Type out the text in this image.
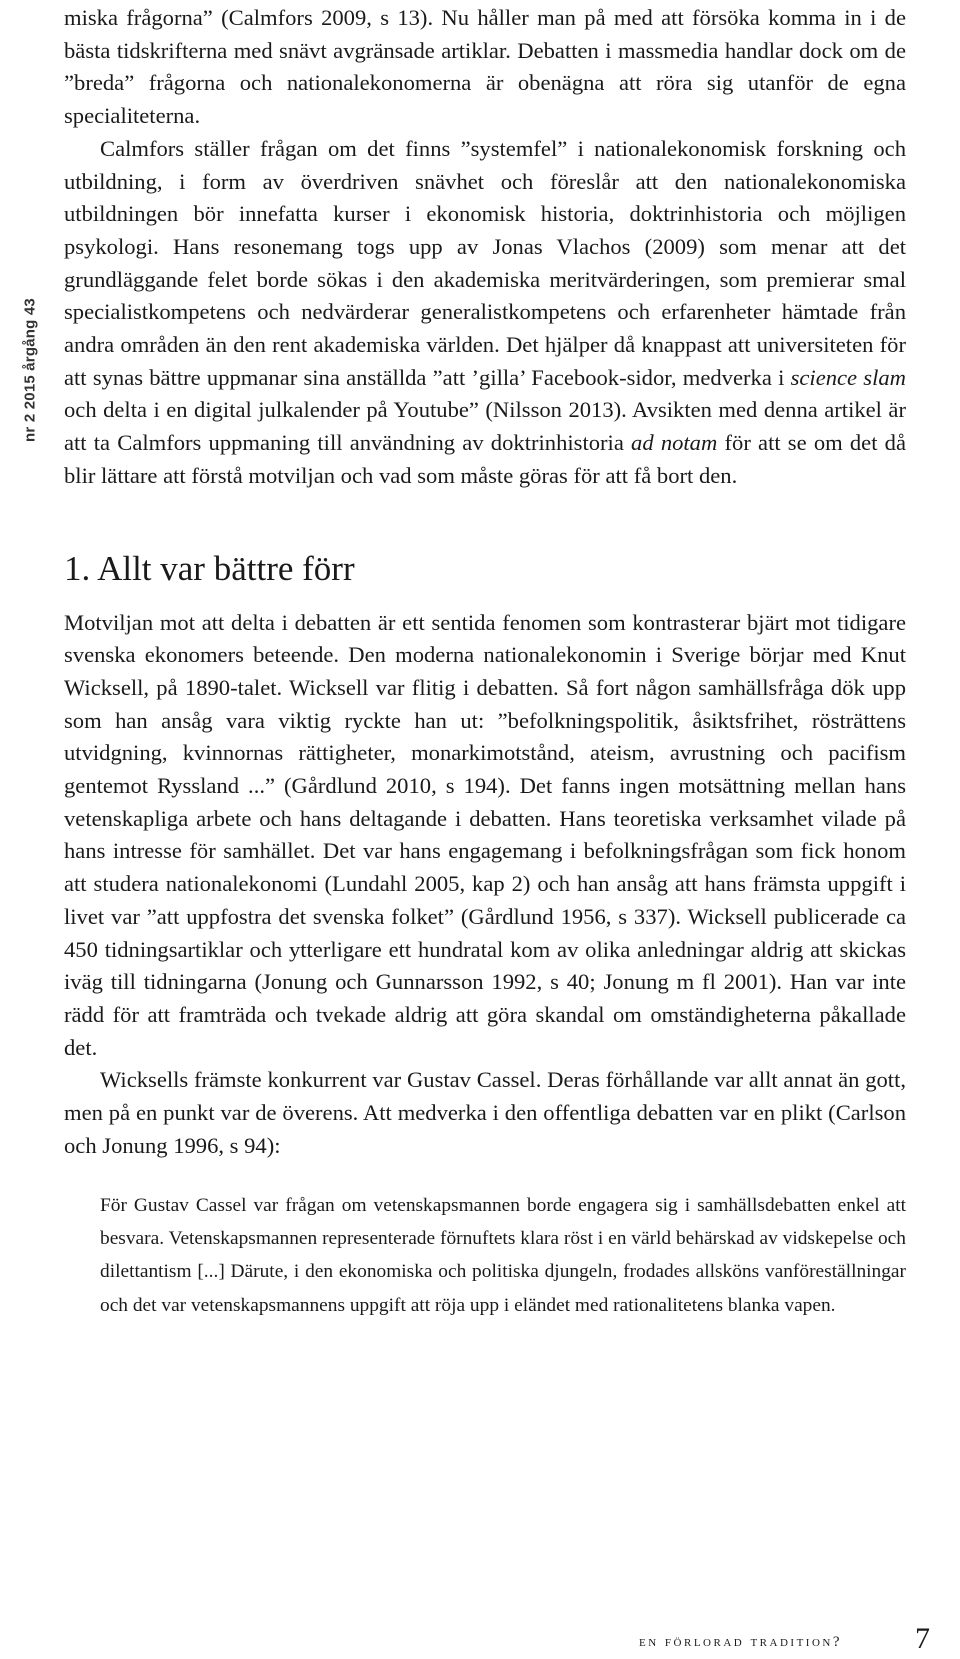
nr 2 2015 årgång 43

miska frågorna” (Calmfors 2009, s 13). Nu håller man på med att försöka komma in i de bästa tidskrifterna med snävt avgränsade artiklar. Debatten i massmedia handlar dock om de ”breda” frågorna och nationalekonomerna är obenägna att röra sig utanför de egna specialiteterna.

Calmfors ställer frågan om det finns ”systemfel” i nationalekonomisk forskning och utbildning, i form av överdriven snävhet och föreslår att den nationalekonomiska utbildningen bör innefatta kurser i ekonomisk historia, doktrinhistoria och möjligen psykologi. Hans resonemang togs upp av Jonas Vlachos (2009) som menar att det grundläggande felet borde sökas i den akademiska meritvärderingen, som premierar smal specialistkompetens och nedvärderar generalistkompetens och erfarenheter hämtade från andra områden än den rent akademiska världen. Det hjälper då knappast att universiteten för att synas bättre uppmanar sina anställda ”att ’gilla’ Facebook-sidor, medverka i science slam och delta i en digital julkalender på Youtube” (Nilsson 2013). Avsikten med denna artikel är att ta Calmfors uppmaning till användning av doktrinhistoria ad notam för att se om det då blir lättare att förstå motviljan och vad som måste göras för att få bort den.

1. Allt var bättre förr

Motviljan mot att delta i debatten är ett sentida fenomen som kontrasterar bjärt mot tidigare svenska ekonomers beteende. Den moderna nationalekonomin i Sverige börjar med Knut Wicksell, på 1890-talet. Wicksell var flitig i debatten. Så fort någon samhällsfråga dök upp som han ansåg vara viktig ryckte han ut: ”befolkningspolitik, åsiktsfrihet, rösträttens utvidgning, kvinnornas rättigheter, monarkimotstånd, ateism, avrustning och pacifism gentemot Ryssland ...” (Gårdlund 2010, s 194). Det fanns ingen motsättning mellan hans vetenskapliga arbete och hans deltagande i debatten. Hans teoretiska verksamhet vilade på hans intresse för samhället. Det var hans engagemang i befolkningsfrågan som fick honom att studera nationalekonomi (Lundahl 2005, kap 2) och han ansåg att hans främsta uppgift i livet var ”att uppfostra det svenska folket” (Gårdlund 1956, s 337). Wicksell publicerade ca 450 tidningsartiklar och ytterligare ett hundratal kom av olika anledningar aldrig att skickas iväg till tidningarna (Jonung och Gunnarsson 1992, s 40; Jonung m fl 2001). Han var inte rädd för att framträda och tvekade aldrig att göra skandal om omständigheterna påkallade det.

Wicksells främste konkurrent var Gustav Cassel. Deras förhållande var allt annat än gott, men på en punkt var de överens. Att medverka i den offentliga debatten var en plikt (Carlson och Jonung 1996, s 94):

För Gustav Cassel var frågan om vetenskapsmannen borde engagera sig i samhällsdebatten enkel att besvara. Vetenskapsmannen representerade förnuftets klara röst i en värld behärskad av vidskepelse och dilettantism [...] Därute, i den ekonomiska och politiska djungeln, frodades allsköns vanföreställningar och det var vetenskapsmannens uppgift att röja upp i eländet med rationalitetens blanka vapen.

en förlorad tradition? 7
